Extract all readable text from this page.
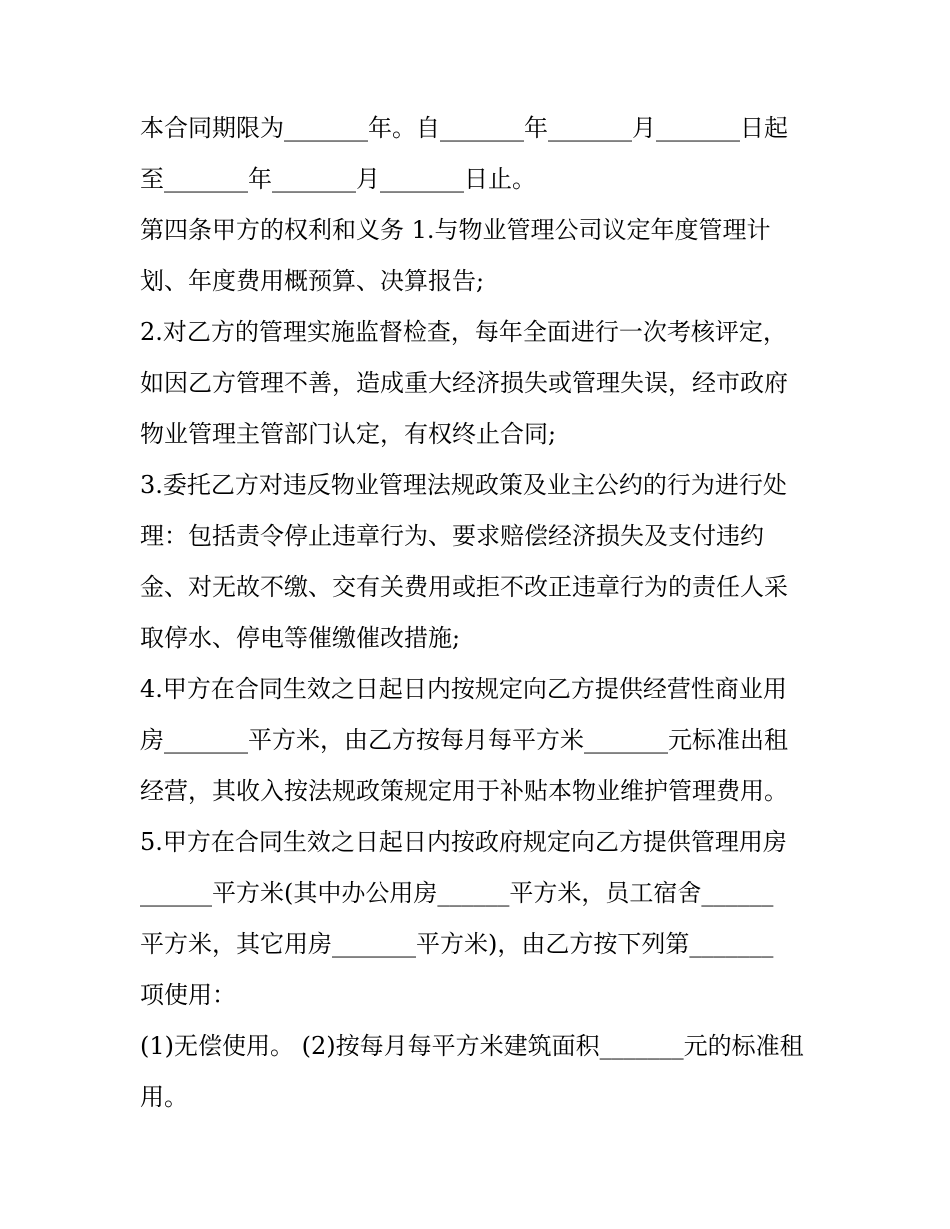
本合同期限为_______年。自_______年_______月_______日起
至_______年_______月_______日止。
第四条甲方的权利和义务 1.与物业管理公司议定年度管理计
划、年度费用概预算、决算报告;
2.对乙方的管理实施监督检查，每年全面进行一次考核评定，
如因乙方管理不善，造成重大经济损失或管理失误，经市政府
物业管理主管部门认定，有权终止合同;
3.委托乙方对违反物业管理法规政策及业主公约的行为进行处
理：包括责令停止违章行为、要求赔偿经济损失及支付违约
金、对无故不缴、交有关费用或拒不改正违章行为的责任人采
取停水、停电等催缴催改措施;
4.甲方在合同生效之日起日内按规定向乙方提供经营性商业用
房_______平方米，由乙方按每月每平方米_______元标准出租
经营，其收入按法规政策规定用于补贴本物业维护管理费用。
5.甲方在合同生效之日起日内按政府规定向乙方提供管理用房
______平方米(其中办公用房______平方米，员工宿舍______
平方米，其它用房_______平方米)，由乙方按下列第_______
项使用：
(1)无偿使用。 (2)按每月每平方米建筑面积_______元的标准租
用。
